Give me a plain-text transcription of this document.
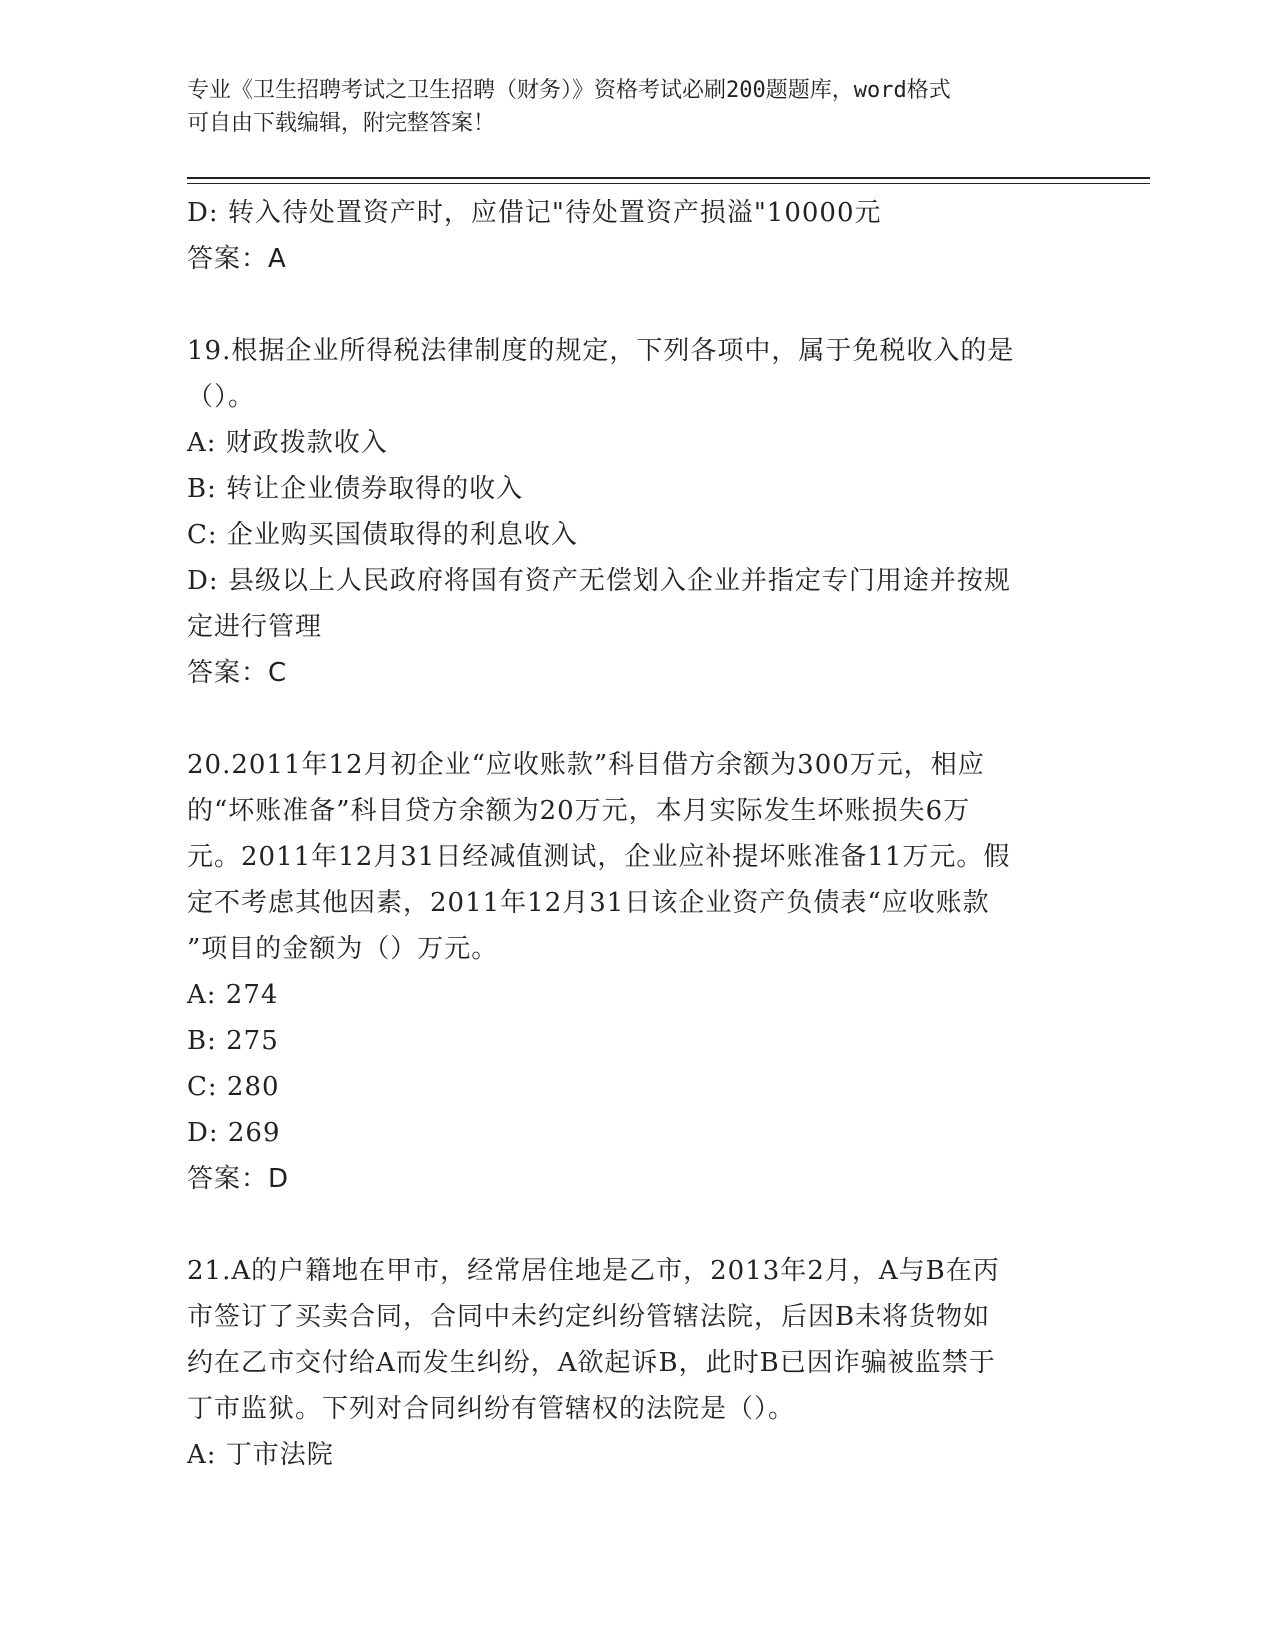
专业《卫生招聘考试之卫生招聘（财务）》资格考试必刷200题题库，word格式
可自由下载编辑，附完整答案！
D: 转入待处置资产时，应借记"待处置资产损溢"10000元
答案：A
19.根据企业所得税法律制度的规定，下列各项中，属于免税收入的是
（）。
A: 财政拨款收入
B: 转让企业债券取得的收入
C: 企业购买国债取得的利息收入
D: 县级以上人民政府将国有资产无偿划入企业并指定专门用途并按规
定进行管理
答案：C
20.2011年12月初企业“应收账款”科目借方余额为300万元，相应
的“坏账准备”科目贷方余额为20万元，本月实际发生坏账损失6万
元。2011年12月31日经减值测试，企业应补提坏账准备11万元。假
定不考虑其他因素，2011年12月31日该企业资产负债表“应收账款
”项目的金额为（）万元。
A: 274
B: 275
C: 280
D: 269
答案：D
21.A的户籍地在甲市，经常居住地是乙市，2013年2月，A与B在丙
市签订了买卖合同，合同中未约定纠纷管辖法院，后因B未将货物如
约在乙市交付给A而发生纠纷，A欲起诉B，此时B已因诈骗被监禁于
丁市监狱。下列对合同纠纷有管辖权的法院是（）。
A: 丁市法院
